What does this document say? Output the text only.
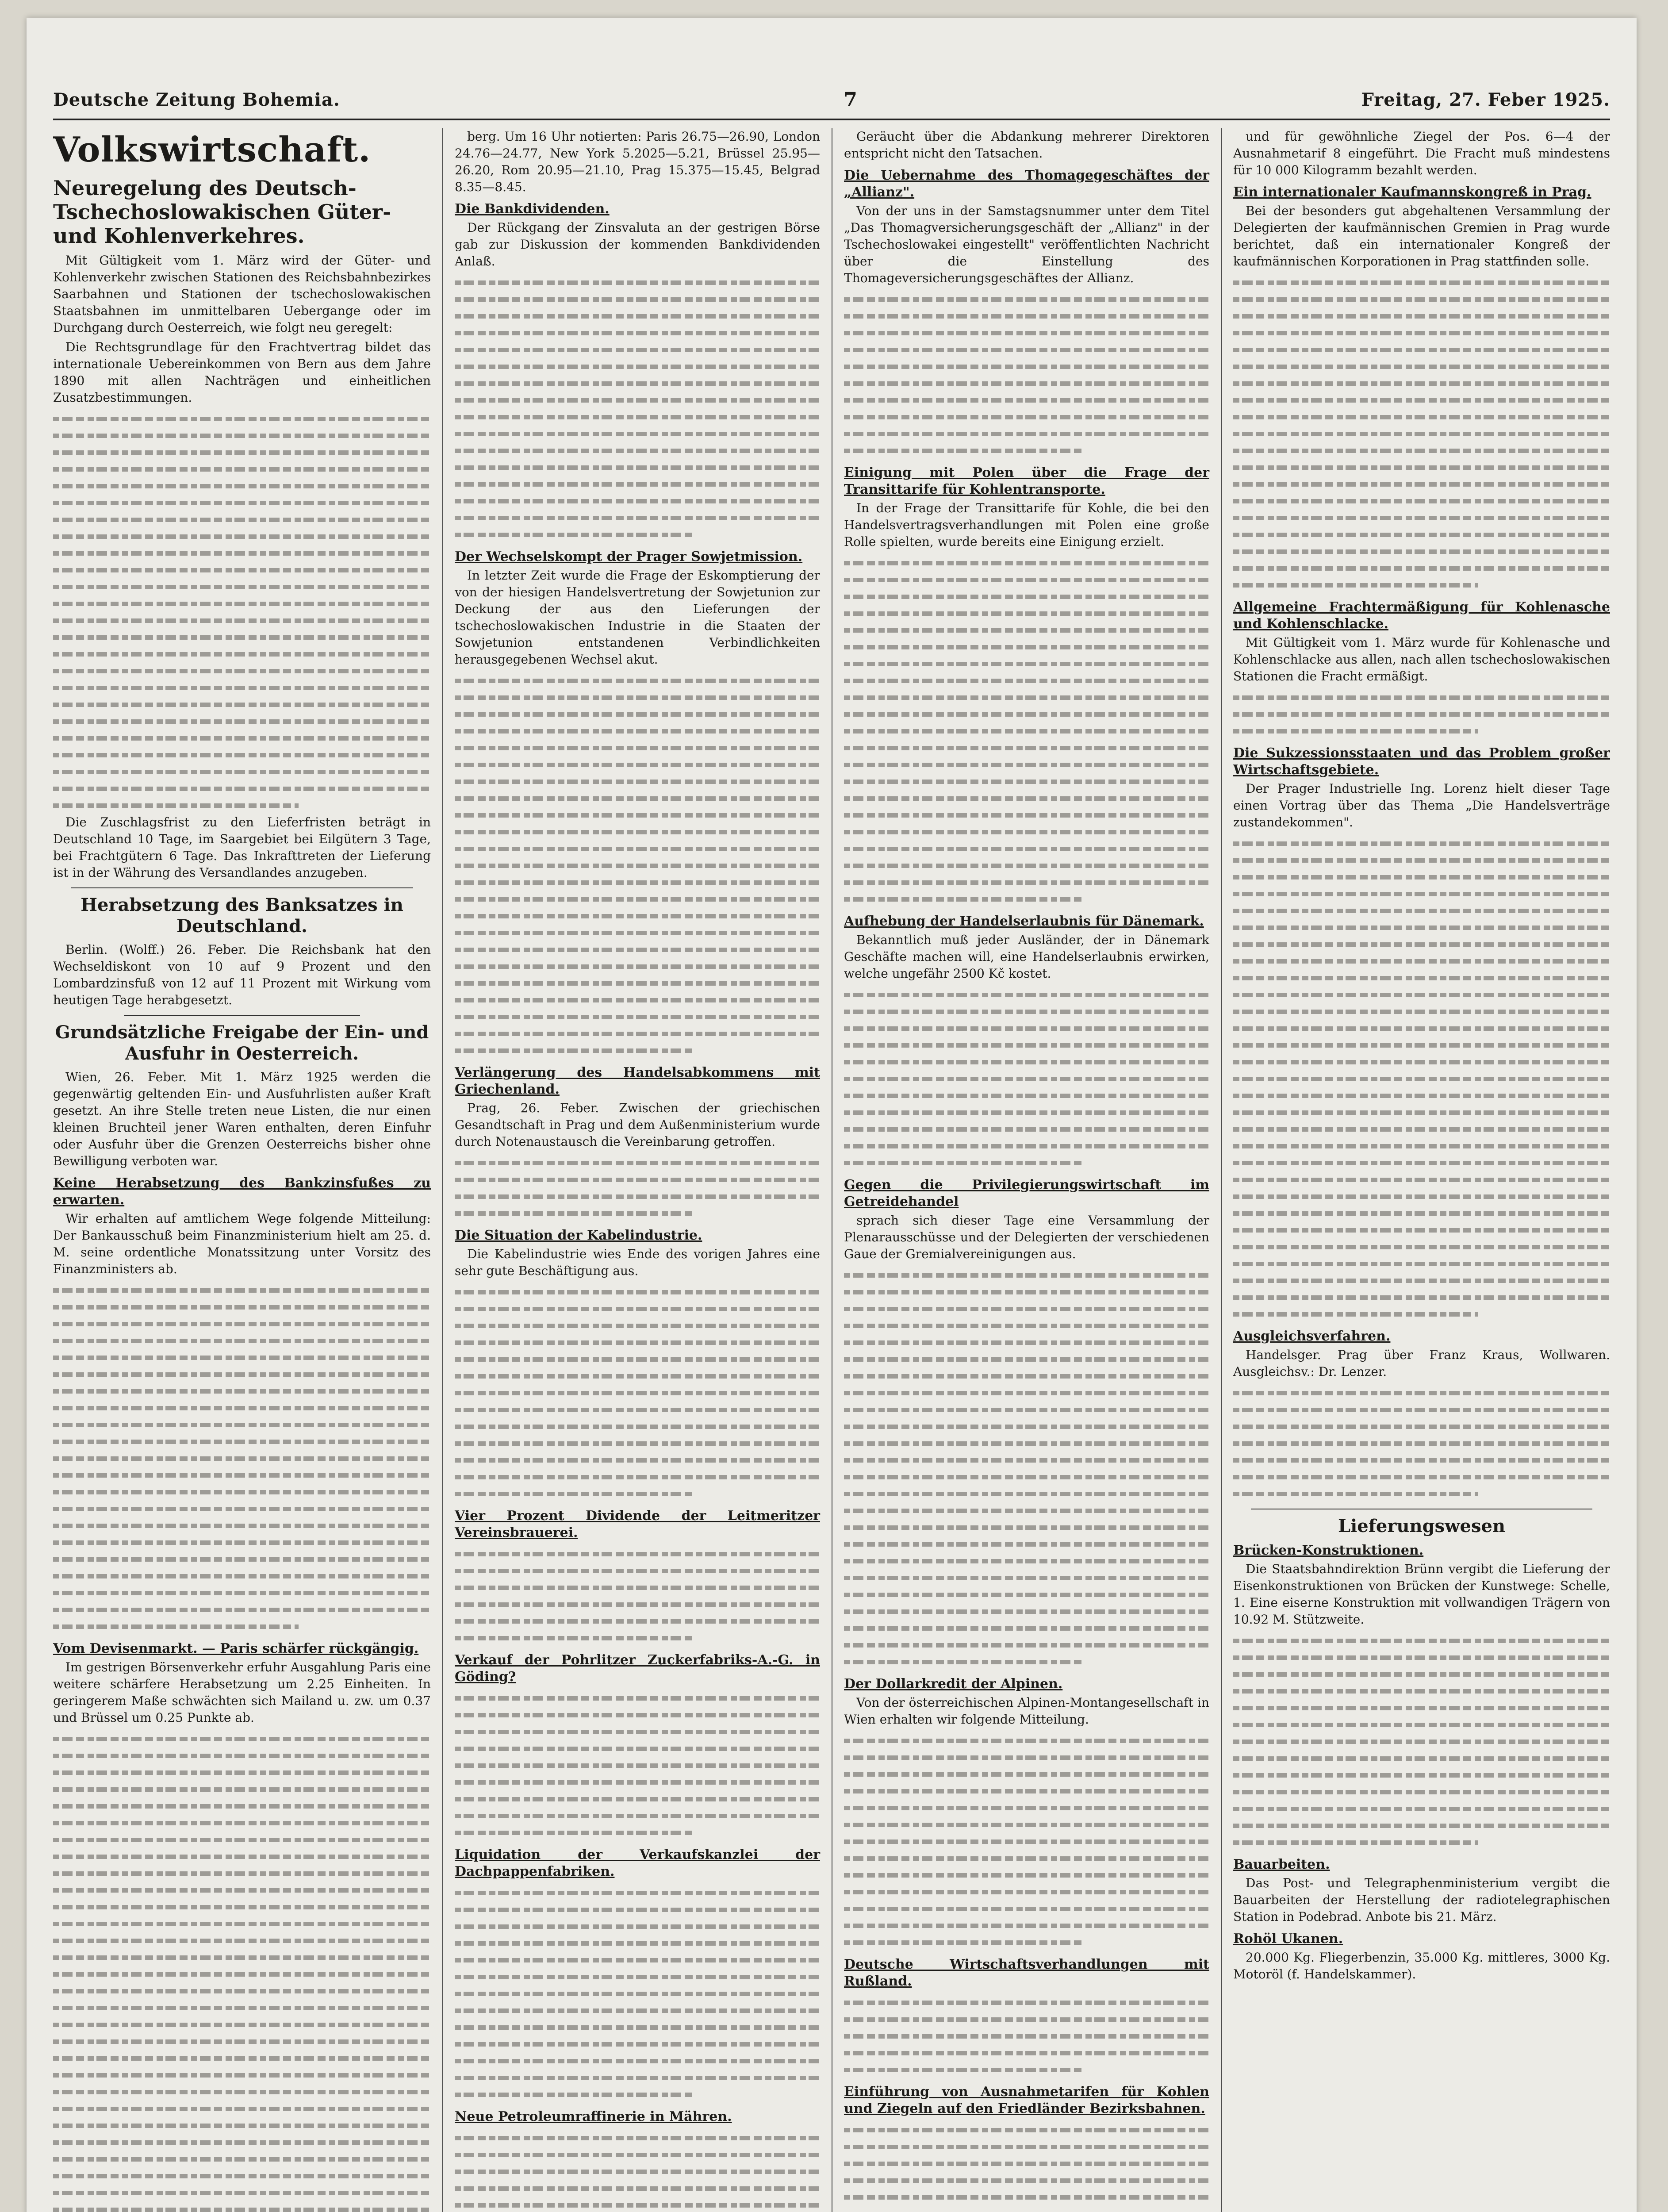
Deutsche Zeitung Bohemia.	7	Freitag, 27. Feber 1925.
Volkswirtschaft.
Neuregelung des Deutsch-Tschechoslowakischen Güter- und Kohlenverkehres.

Mit Gültigkeit vom 1. März wird der Güter- und Kohlenverkehr zwischen Stationen des Reichsbahnbezirkes Saarbahnen und Stationen der tschechoslowakischen Staatsbahnen im unmittelbaren Uebergange oder im Durchgang durch Oesterreich, wie folgt neu geregelt:

Die Rechtsgrundlage für den Frachtvertrag bildet das internationale Uebereinkommen von Bern aus dem Jahre 1890 mit allen Nachträgen und einheitlichen Zusatzbestimmungen.

Die Zuschlagsfrist zu den Lieferfristen beträgt in Deutschland 10 Tage, im Saargebiet bei Eilgütern 3 Tage, bei Frachtgütern 6 Tage. Das Inkrafttreten der Lieferung ist in der Währung des Versandlandes anzugeben.

Herabsetzung des Banksatzes in Deutschland.

Berlin. (Wolff.) 26. Feber. Die Reichsbank hat den Wechseldiskont von 10 auf 9 Prozent und den Lombardzinsfuß von 12 auf 11 Prozent mit Wirkung vom heutigen Tage herabgesetzt.

Grundsätzliche Freigabe der Ein- und Ausfuhr in Oesterreich.

Wien, 26. Feber. Mit 1. März 1925 werden die gegenwärtig geltenden Ein- und Ausfuhrlisten außer Kraft gesetzt. An ihre Stelle treten neue Listen, die nur einen kleinen Bruchteil jener Waren enthalten, deren Einfuhr oder Ausfuhr über die Grenzen Oesterreichs bisher ohne Bewilligung verboten war.

Keine Herabsetzung des Bankzinsfußes zu erwarten.

Wir erhalten auf amtlichem Wege folgende Mitteilung: Der Bankausschuß beim Finanzministerium hielt am 25. d. M. seine ordentliche Monatssitzung unter Vorsitz des Finanzministers ab.

Vom Devisenmarkt. — Paris schärfer rückgängig.

Im gestrigen Börsenverkehr erfuhr Ausgahlung Paris eine weitere schärfere Herabsetzung um 2.25 Einheiten. In geringerem Maße schwächten sich Mailand u. zw. um 0.37 und Brüssel um 0.25 Punkte ab.

berg. Um 16 Uhr notierten: Paris 26.75—26.90, London 24.76—24.77, New York 5.2025—5.21, Brüssel 25.95—26.20, Rom 20.95—21.10, Prag 15.375—15.45, Belgrad 8.35—8.45.

Die Bankdividenden.

Der Rückgang der Zinsvaluta an der gestrigen Börse gab zur Diskussion der kommenden Bankdividenden Anlaß.

Der Wechselskompt der Prager Sowjetmission.

In letzter Zeit wurde die Frage der Eskomptierung der von der hiesigen Handelsvertretung der Sowjetunion zur Deckung der aus den Lieferungen der tschechoslowakischen Industrie in die Staaten der Sowjetunion entstandenen Verbindlichkeiten herausgegebenen Wechsel akut.

Verlängerung des Handelsabkommens mit Griechenland.

Prag, 26. Feber. Zwischen der griechischen Gesandtschaft in Prag und dem Außenministerium wurde durch Notenaustausch die Vereinbarung getroffen.

Die Situation der Kabelindustrie.

Die Kabelindustrie wies Ende des vorigen Jahres eine sehr gute Beschäftigung aus.

Vier Prozent Dividende der Leitmeritzer Vereinsbrauerei.
Verkauf der Pohrlitzer Zuckerfabriks-A.-G. in Göding?
Liquidation der Verkaufskanzlei der Dachpappenfabriken.
Neue Petroleumraffinerie in Mähren.

Geräucht über die Abdankung mehrerer Direktoren entspricht nicht den Tatsachen.

Die Uebernahme des Thomagegeschäftes der „Allianz".

Von der uns in der Samstagsnummer unter dem Titel „Das Thomagversicherungsgeschäft der „Allianz" in der Tschechoslowakei eingestellt" veröffentlichten Nachricht über die Einstellung des Thomageversicherungsgeschäftes der Allianz.

Einigung mit Polen über die Frage der Transittarife für Kohlentransporte.

In der Frage der Transittarife für Kohle, die bei den Handelsvertragsverhandlungen mit Polen eine große Rolle spielten, wurde bereits eine Einigung erzielt.

Aufhebung der Handelserlaubnis für Dänemark.

Bekanntlich muß jeder Ausländer, der in Dänemark Geschäfte machen will, eine Handelserlaubnis erwirken, welche ungefähr 2500 Kč kostet.

Gegen die Privilegierungswirtschaft im Getreidehandel

sprach sich dieser Tage eine Versammlung der Plenarausschüsse und der Delegierten der verschiedenen Gaue der Gremialvereinigungen aus.

Der Dollarkredit der Alpinen.

Von der österreichischen Alpinen-Montangesellschaft in Wien erhalten wir folgende Mitteilung.

Deutsche Wirtschaftsverhandlungen mit Rußland.
Einführung von Ausnahmetarifen für Kohlen und Ziegeln auf den Friedländer Bezirksbahnen.

und für gewöhnliche Ziegel der Pos. 6—4 der Ausnahmetarif 8 eingeführt. Die Fracht muß mindestens für 10 000 Kilogramm bezahlt werden.

Ein internationaler Kaufmannskongreß in Prag.

Bei der besonders gut abgehaltenen Versammlung der Delegierten der kaufmännischen Gremien in Prag wurde berichtet, daß ein internationaler Kongreß der kaufmännischen Korporationen in Prag stattfinden solle.

Allgemeine Frachtermäßigung für Kohlenasche und Kohlenschlacke.

Mit Gültigkeit vom 1. März wurde für Kohlenasche und Kohlenschlacke aus allen, nach allen tschechoslowakischen Stationen die Fracht ermäßigt.

Die Sukzessionsstaaten und das Problem großer Wirtschaftsgebiete.

Der Prager Industrielle Ing. Lorenz hielt dieser Tage einen Vortrag über das Thema „Die Handelsverträge zustandekommen".

Ausgleichsverfahren.

Handelsger. Prag über Franz Kraus, Wollwaren. Ausgleichsv.: Dr. Lenzer.

Lieferungswesen
Brücken-Konstruktionen.

Die Staatsbahndirektion Brünn vergibt die Lieferung der Eisenkonstruktionen von Brücken der Kunstwege: Schelle, 1. Eine eiserne Konstruktion mit vollwandigen Trägern von 10.92 M. Stützweite.

Bauarbeiten.

Das Post- und Telegraphenministerium vergibt die Bauarbeiten der Herstellung der radiotelegraphischen Station in Podebrad. Anbote bis 21. März.

Rohöl Ukanen.

20.000 Kg. Fliegerbenzin, 35.000 Kg. mittleres, 3000 Kg. Motoröl (f. Handelskammer).
